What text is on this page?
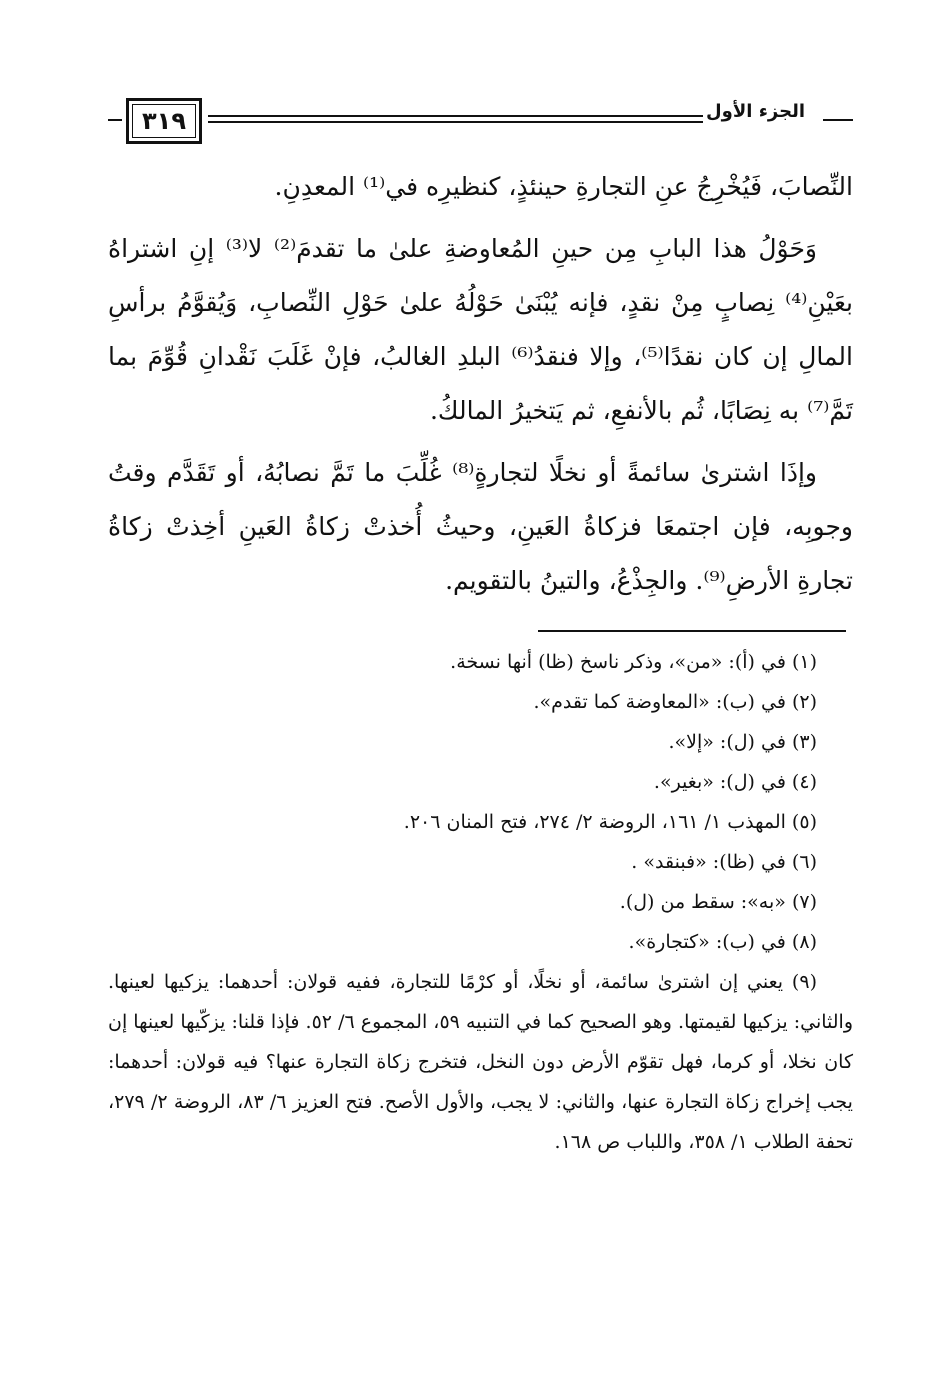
٣١٩	الجزء الأول

النِّصابَ، فَيُخْرِجُ عنِ التجارةِ حينئذٍ، كنظيرِه في⁽¹⁾ المعدِنِ.

وَحَوْلُ هذا البابِ مِن حينِ المُعاوضةِ علىٰ ما تقدمَ⁽²⁾ لا⁽³⁾ إنِ اشتراهُ بعَيْنِ⁽⁴⁾ نِصابٍ مِنْ نقدٍ، فإنه يُبْنَىٰ حَوْلُهُ علىٰ حَوْلِ النِّصابِ، وَيُقوَّمُ برأسِ المالِ إن كان نقدًا⁽⁵⁾، وإلا فنقدُ⁽⁶⁾ البلدِ الغالبُ، فإنْ غَلَبَ نَقْدانِ قُوِّمَ بما تَمَّ⁽⁷⁾ به نِصَابًا، ثُم بالأنفعِ، ثم يَتخيرُ المالكُ.

وإذَا اشترىٰ سائمةً أو نخلًا لتجارةٍ⁽⁸⁾ غُلِّبَ ما تَمَّ نصابُهُ، أو تَقَدَّم وقتُ وجوبِه، فإن اجتمعَا فزكاةُ العَينِ، وحيثُ أُخذتْ زكاةُ العَينِ أخِذتْ زكاةُ تجارةِ الأرضِ⁽⁹⁾. والجِذْعُ، والتينُ بالتقويم.

(١) في (أ): «من»، وذكر ناسخ (ظا) أنها نسخة.

(٢) في (ب): «المعاوضة كما تقدم».

(٣) في (ل): «إلا».

(٤) في (ل): «بغير».

(٥) المهذب ١/ ١٦١، الروضة ٢/ ٢٧٤، فتح المنان ٢٠٦.

(٦) في (ظا): «فبنقد» .

(٧) «به»: سقط من (ل).

(٨) في (ب): «كتجارة».

(٩) يعني إن اشترىٰ سائمة، أو نخلًا، أو كرْمًا للتجارة، ففيه قولان: أحدهما: يزكيها لعينها. والثاني: يزكيها لقيمتها. وهو الصحيح كما في التنبيه ٥٩، المجموع ٦/ ٥٢. فإذا قلنا: يزكّيها لعينها إن كان نخلا، أو كرما، فهل تقوّم الأرض دون النخل، فتخرج زكاة التجارة عنها؟ فيه قولان: أحدهما: يجب إخراج زكاة التجارة عنها، والثاني: لا يجب، والأول الأصح. فتح العزيز ٦/ ٨٣، الروضة ٢/ ٢٧٩، تحفة الطلاب ١/ ٣٥٨، واللباب ص ١٦٨.
